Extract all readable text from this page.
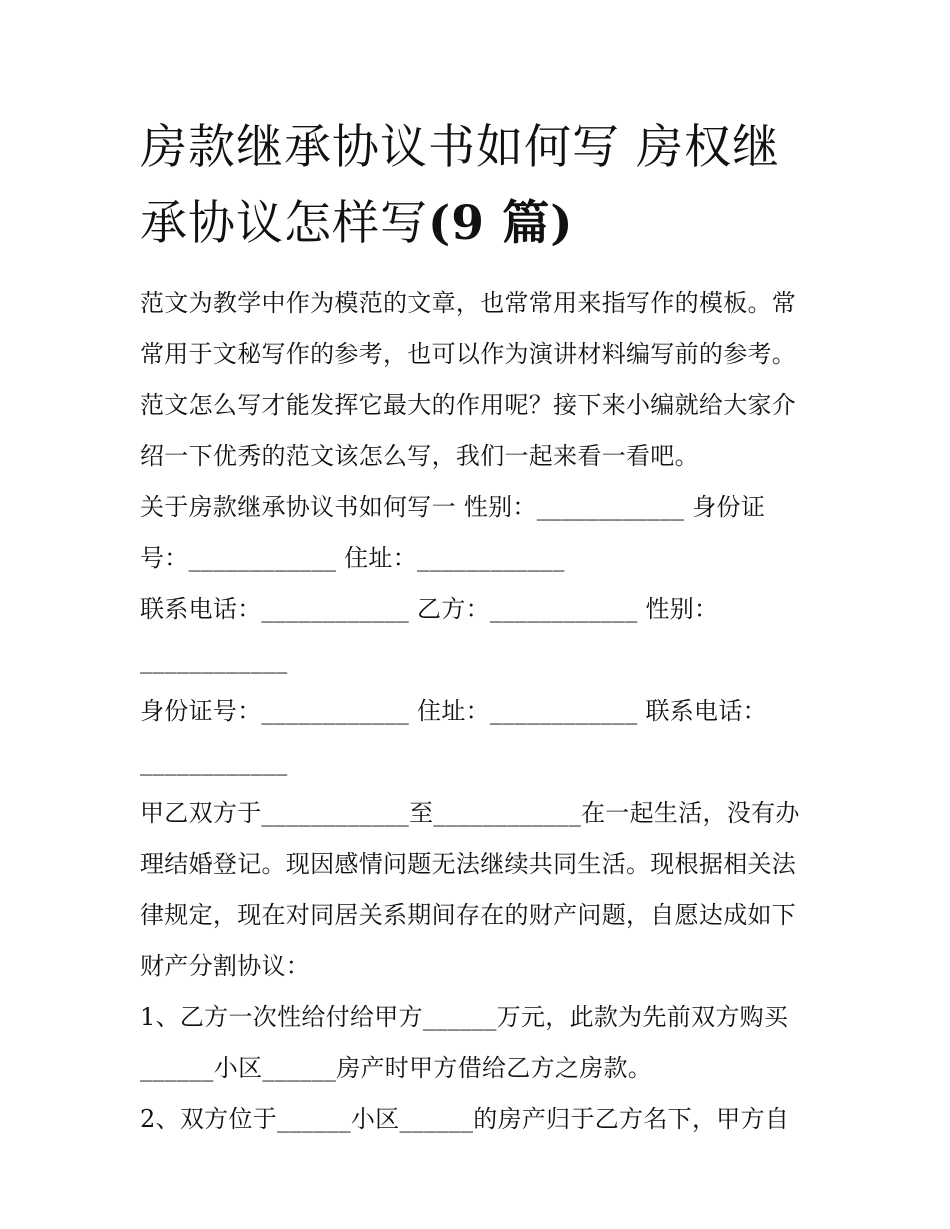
房款继承协议书如何写 房权继
承协议怎样写(9 篇)

范文为教学中作为模范的文章，也常常用来指写作的模板。常
常用于文秘写作的参考，也可以作为演讲材料编写前的参考。
范文怎么写才能发挥它最大的作用呢？接下来小编就给大家介
绍一下优秀的范文该怎么写，我们一起来看一看吧。

关于房款继承协议书如何写一 性别：____________ 身份证
号：____________ 住址：____________

联系电话：____________ 乙方：____________ 性别：
____________

身份证号：____________ 住址：____________ 联系电话：
____________

甲乙双方于____________至____________在一起生活，没有办
理结婚登记。现因感情问题无法继续共同生活。现根据相关法
律规定，现在对同居关系期间存在的财产问题，自愿达成如下
财产分割协议：

1、乙方一次性给付给甲方______万元，此款为先前双方购买
______小区______房产时甲方借给乙方之房款。

2、双方位于______小区______的房产归于乙方名下，甲方自
